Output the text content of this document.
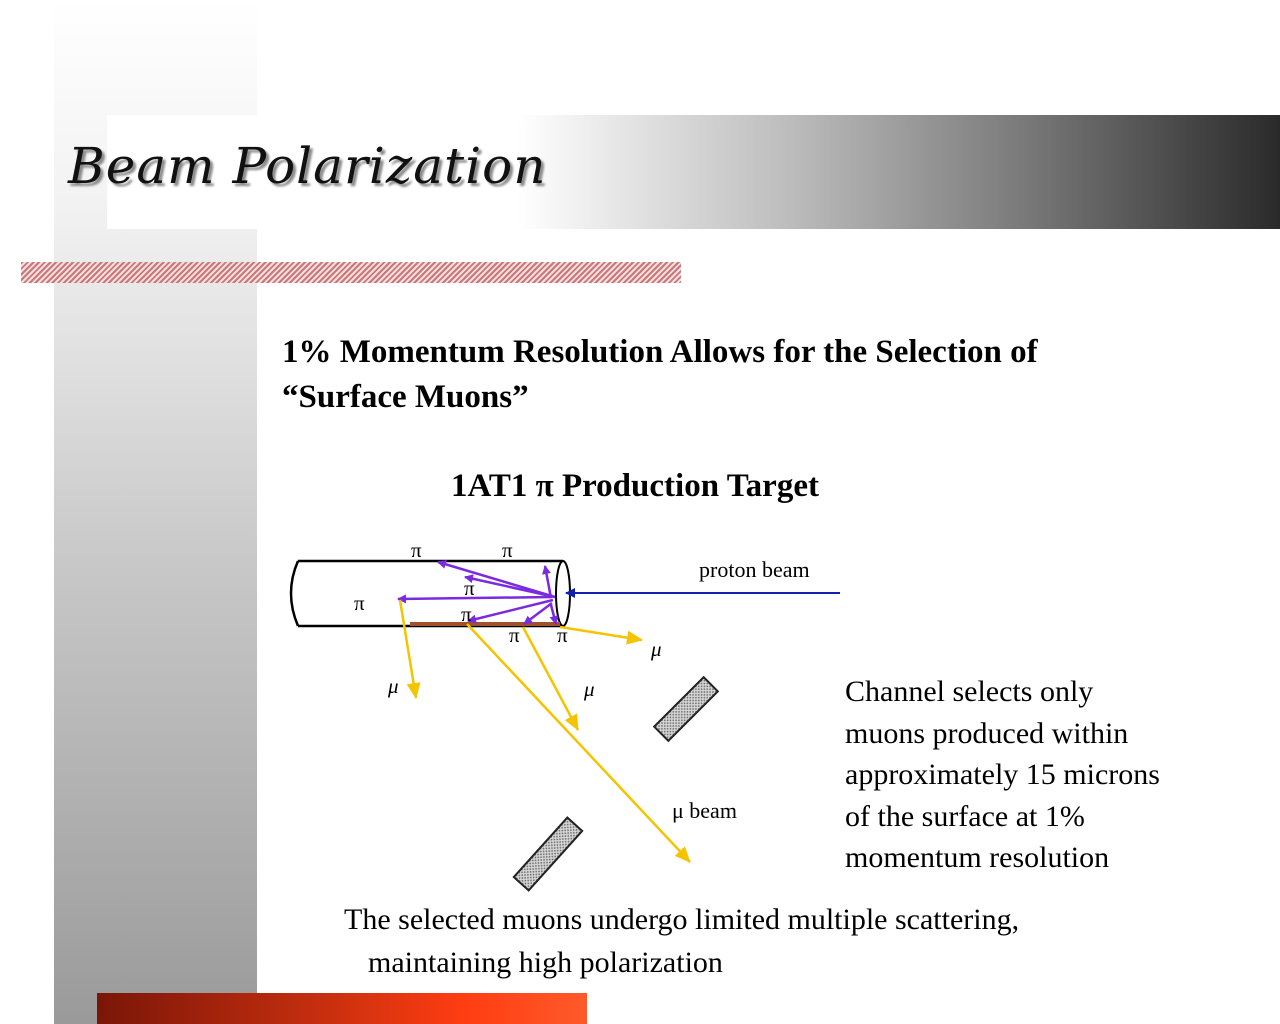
Beam Polarization

1% Momentum Resolution Allows for the Selection of
“Surface Muons”

1AT1 π Production Target

proton beam
π	π
π
π	π
π π
μ
μ	μ
μ beam

Channel selects only
muons produced within
approximately 15 microns
of the surface at 1%
momentum resolution

The selected muons undergo limited multiple scattering,
maintaining high polarization
